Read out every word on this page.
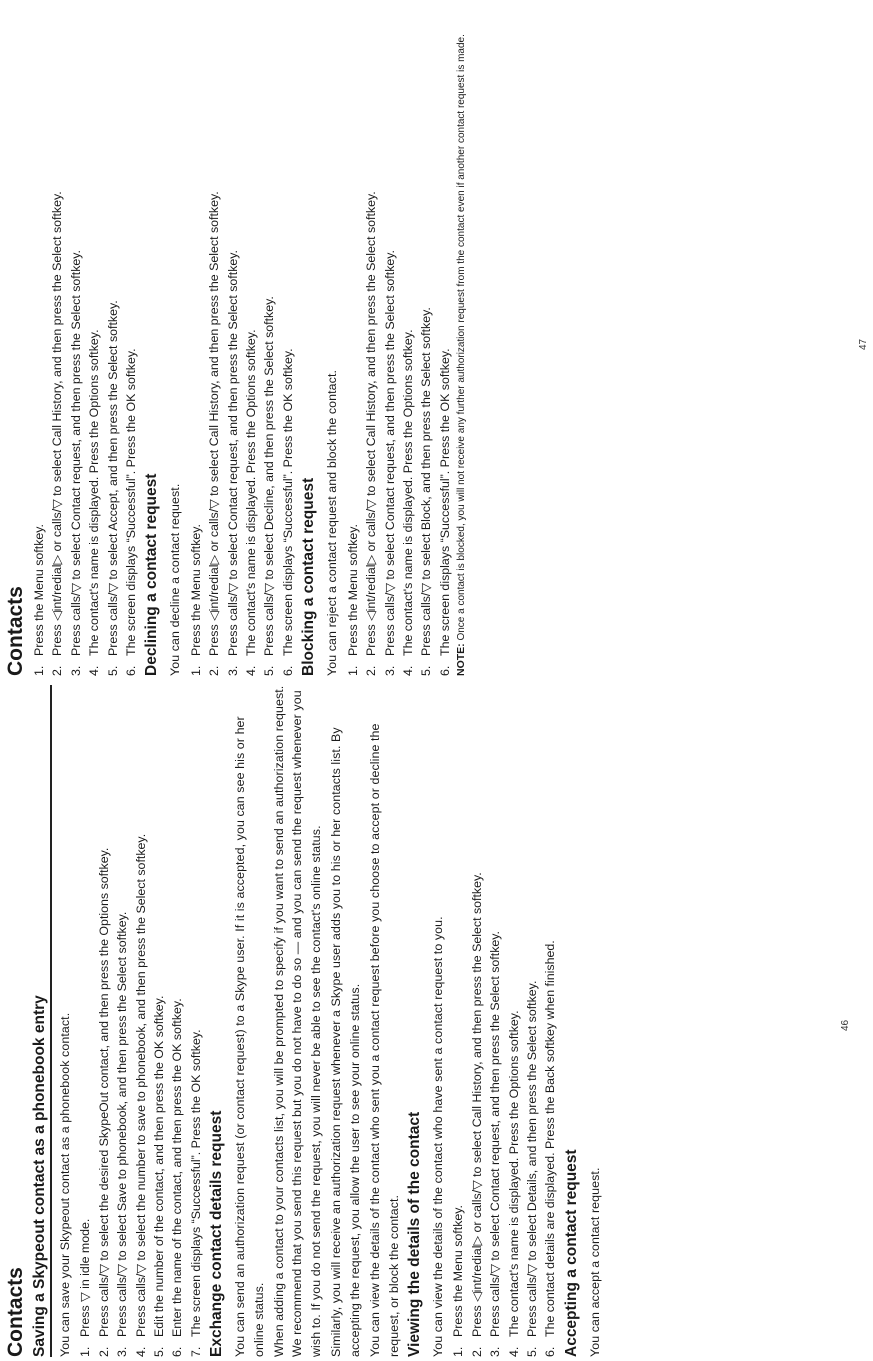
Contacts Saving a Skypeout contact as a phonebook entry You can save your Skypeout contact as a phonebook contact. 1.
Press ▽ in idle mode.
2.
Press calls/▽ to select the desired SkypeOut contact, and then press the Options softkey.
3.
Press calls/▽ to select Save to phonebook, and then press the Select softkey.
4.
Press calls/▽ to select the number to save to phonebook, and then press the Select softkey.
5.
Edit the number of the contact, and then press the OK softkey.
6.
Enter the name of the contact, and then press the OK softkey.
7.
The screen displays “Successful”. Press the OK softkey. Exchange contact details request You can send an authorization request (or contact request) to a Skype user. If it is accepted, you can see his or her online status. When adding a contact to your contacts list, you will be prompted to specify if you want to send an authorization request. We recommend that you send this request but you do not have to do so — and you can send the request whenever you wish to. If you do not send the request, you will never be able to see the contact's online status. Similarly, you will receive an authorization request whenever a Skype user adds you to his or her contacts list. By accepting the request, you allow the user to see your online status. You can view the details of the contact who sent you a contact request before you choose to accept or decline the request, or block the contact. Viewing the details of the contact You can view the details of the contact who have sent a contact request to you. 1.
Press the Menu softkey.
2.
Press ◁int/redial▷ or calls/▽ to select Call History, and then press the Select softkey.
3.
Press calls/▽ to select Contact request, and then press the Select softkey.
4.
The contact's name is displayed. Press the Options softkey.
5.
Press calls/▽ to select Details, and then press the Select softkey.
6.
The contact details are displayed. Press the Back softkey when finished. Accepting a contact request You can accept a contact request.

46
Contacts 1.
Press the Menu softkey.
2.
Press ◁int/redial▷ or calls/▽ to select Call History, and then press the Select softkey.
3.
Press calls/▽ to select Contact request, and then press the Select softkey.
4.
The contact's name is displayed. Press the Options softkey.
5.
Press calls/▽ to select Accept, and then press the Select softkey.
6.
The screen displays “Successful”. Press the OK softkey. Declining a contact request You can decline a contact request. 1.
Press the Menu softkey.
2.
Press ◁int/redial▷ or calls/▽ to select Call History, and then press the Select softkey.
3.
Press calls/▽ to select Contact request, and then press the Select softkey.
4.
The contact's name is displayed. Press the Options softkey.
5.
Press calls/▽ to select Decline, and then press the Select softkey.
6.
The screen displays “Successful”. Press the OK softkey. Blocking a contact request You can reject a contact request and block the contact. 1.
Press the Menu softkey.
2.
Press ◁int/redial▷ or calls/▽ to select Call History, and then press the Select softkey.
3.
Press calls/▽ to select Contact request, and then press the Select softkey.
4.
The contact's name is displayed. Press the Options softkey.
5.
Press calls/▽ to select Block, and then press the Select softkey.
6.
The screen displays “Successful”. Press the OK softkey.
NOTE: Once a contact is blocked, you will not receive any further authorization request from the contact even if another contact request is made.	47
